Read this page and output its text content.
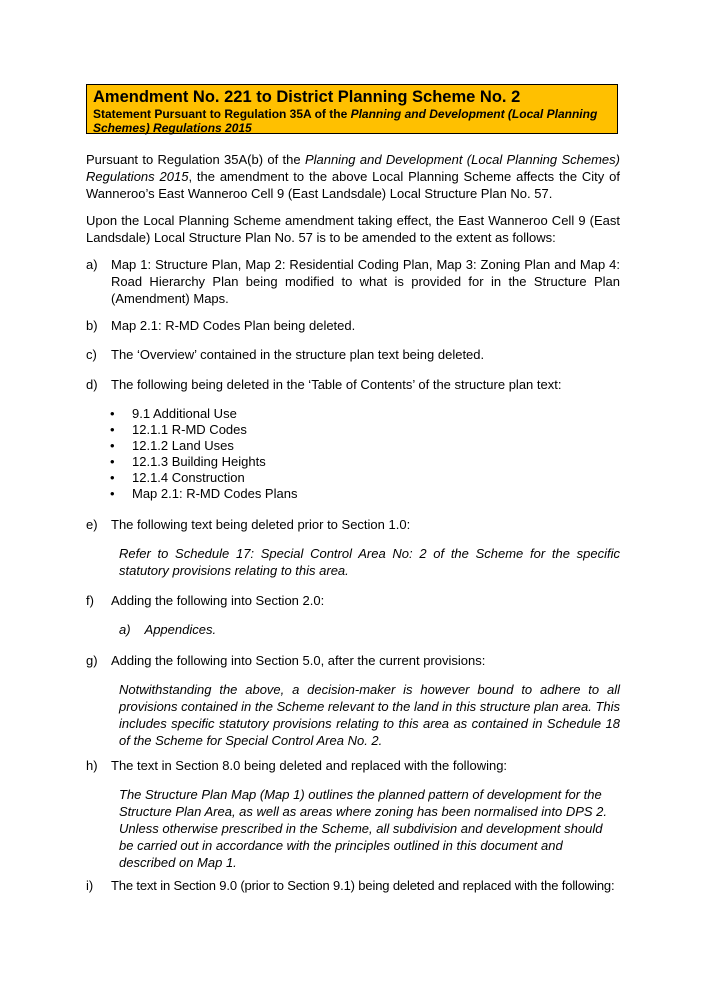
Amendment No. 221 to District Planning Scheme No. 2
Statement Pursuant to Regulation 35A of the Planning and Development (Local Planning Schemes) Regulations 2015

Pursuant to Regulation 35A(b) of the Planning and Development (Local Planning Schemes) Regulations 2015, the amendment to the above Local Planning Scheme affects the City of Wanneroo’s East Wanneroo Cell 9 (East Landsdale) Local Structure Plan No. 57.

Upon the Local Planning Scheme amendment taking effect, the East Wanneroo Cell 9 (East Landsdale) Local Structure Plan No. 57 is to be amended to the extent as follows:

a) Map 1: Structure Plan, Map 2: Residential Coding Plan, Map 3: Zoning Plan and Map 4: Road Hierarchy Plan being modified to what is provided for in the Structure Plan (Amendment) Maps.
b) Map 2.1: R-MD Codes Plan being deleted.
c) The ‘Overview’ contained in the structure plan text being deleted.
d) The following being deleted in the ‘Table of Contents’ of the structure plan text:
• 9.1 Additional Use
• 12.1.1 R-MD Codes
• 12.1.2 Land Uses
• 12.1.3 Building Heights
• 12.1.4 Construction
• Map 2.1: R-MD Codes Plans
e) The following text being deleted prior to Section 1.0:

Refer to Schedule 17: Special Control Area No: 2 of the Scheme for the specific statutory provisions relating to this area.

f) Adding the following into Section 2.0:

a)    Appendices.

g) Adding the following into Section 5.0, after the current provisions:

Notwithstanding the above, a decision-maker is however bound to adhere to all provisions contained in the Scheme relevant to the land in this structure plan area. This includes specific statutory provisions relating to this area as contained in Schedule 18 of the Scheme for Special Control Area No. 2.

h) The text in Section 8.0 being deleted and replaced with the following:

The Structure Plan Map (Map 1) outlines the planned pattern of development for the Structure Plan Area, as well as areas where zoning has been normalised into DPS 2. Unless otherwise prescribed in the Scheme, all subdivision and development should be carried out in accordance with the principles outlined in this document and described on Map 1.

i) The text in Section 9.0 (prior to Section 9.1) being deleted and replaced with the following:
